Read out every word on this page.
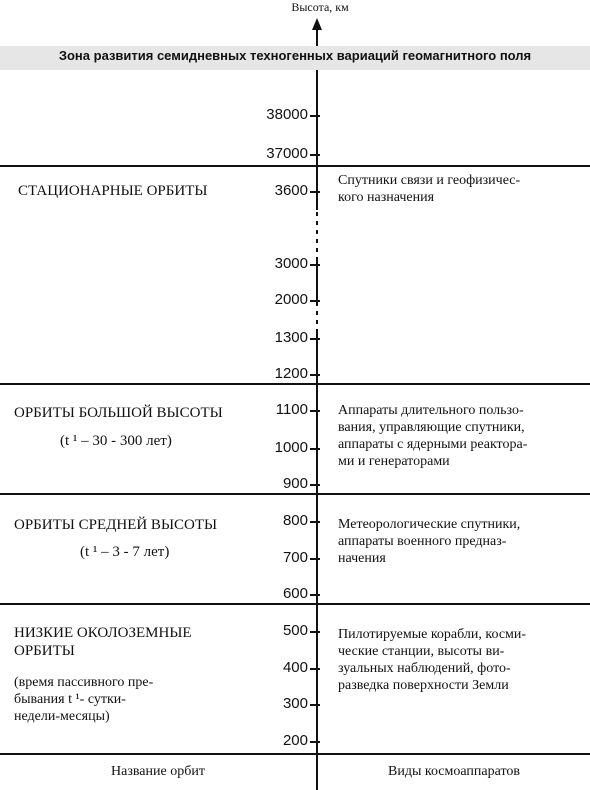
Высота, км
Зона развития семидневных техногенных вариаций геомагнитного поля
38000
37000
3600
3000
2000
1300
1200
1100
1000
900
800
700
600
500
400
300
200
СТАЦИОНАРНЫЕ ОРБИТЫ
Спутники связи и геофизичес-
кого назначения
ОРБИТЫ БОЛЬШОЙ ВЫСОТЫ
(t ¹ – 30 - 300 лет)
Аппараты длительного пользо-
вания, управляющие спутники,
аппараты с ядерными реактора-
ми и генераторами
ОРБИТЫ СРЕДНЕЙ ВЫСОТЫ
(t ¹ – 3 - 7 лет)
Метеорологические спутники,
аппараты военного предназ-
начения
НИЗКИЕ ОКОЛОЗЕМНЫЕ
ОРБИТЫ
(время пассивного пре-
бывания t ¹- сутки-
недели-месяцы)
Пилотируемые корабли, косми-
ческие станции, высоты ви-
зуальных наблюдений, фото-
разведка поверхности Земли
Название орбит	Виды космоаппаратов
